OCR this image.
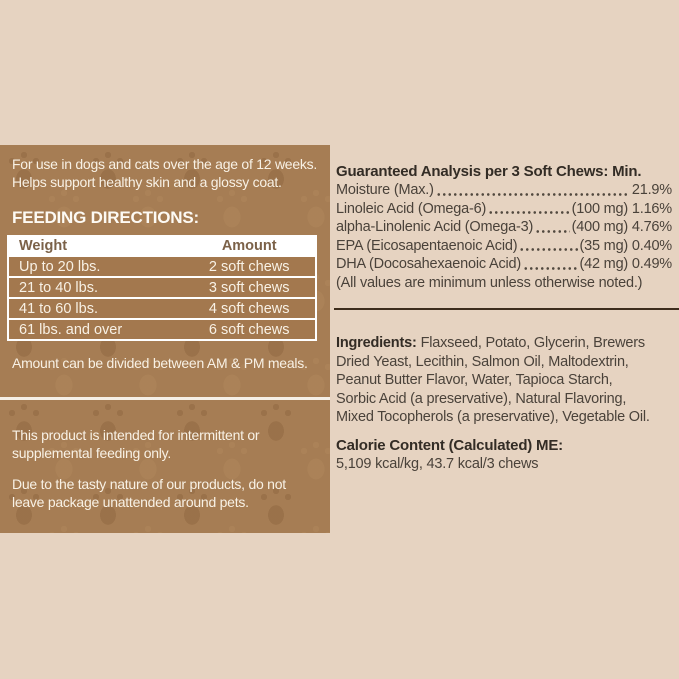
For use in dogs and cats over the age of 12 weeks.
Helps support healthy skin and a glossy coat.
FEEDING DIRECTIONS:
Weight	Amount
Up to 20 lbs.	2 soft chews
21 to 40 lbs.	3 soft chews
41 to 60 lbs.	4 soft chews
61 lbs. and over	6 soft chews
Amount can be divided between AM & PM meals.
This product is intended for intermittent or
supplemental feeding only.
Due to the tasty nature of our products, do not
leave package unattended around pets.
Guaranteed Analysis per 3 Soft Chews: Min.
Moisture (Max.)	21.9%
Linoleic Acid (Omega-6)	(100 mg) 1.16%
alpha-Linolenic Acid (Omega-3)	(400 mg) 4.76%
EPA (Eicosapentaenoic Acid)	(35 mg) 0.40%
DHA (Docosahexaenoic Acid)	(42 mg) 0.49%
(All values are minimum unless otherwise noted.)
Ingredients: Flaxseed, Potato, Glycerin, Brewers
Dried Yeast, Lecithin, Salmon Oil, Maltodextrin,
Peanut Butter Flavor, Water, Tapioca Starch,
Sorbic Acid (a preservative), Natural Flavoring,
Mixed Tocopherols (a preservative), Vegetable Oil.
Calorie Content (Calculated) ME:
5,109 kcal/kg, 43.7 kcal/3 chews
